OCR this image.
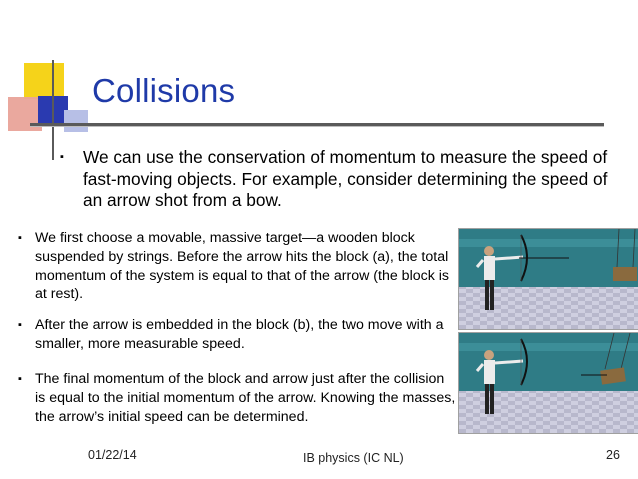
Collisions
▪ We can use the conservation of momentum to measure the speed of fast-moving objects. For example, consider determining the speed of an arrow shot from a bow.
▪ We first choose a movable, massive target—a wooden block suspended by strings. Before the arrow hits the block (a), the total momentum of the system is equal to that of the arrow (the block is at rest).
▪ After the arrow is embedded in the block (b), the two move with a smaller, more measurable speed.
▪ The final momentum of the block and arrow just after the collision is equal to the initial momentum of the arrow. Knowing the masses, the arrow’s initial speed can be determined.
01/22/14	IB physics (IC NL)	26
